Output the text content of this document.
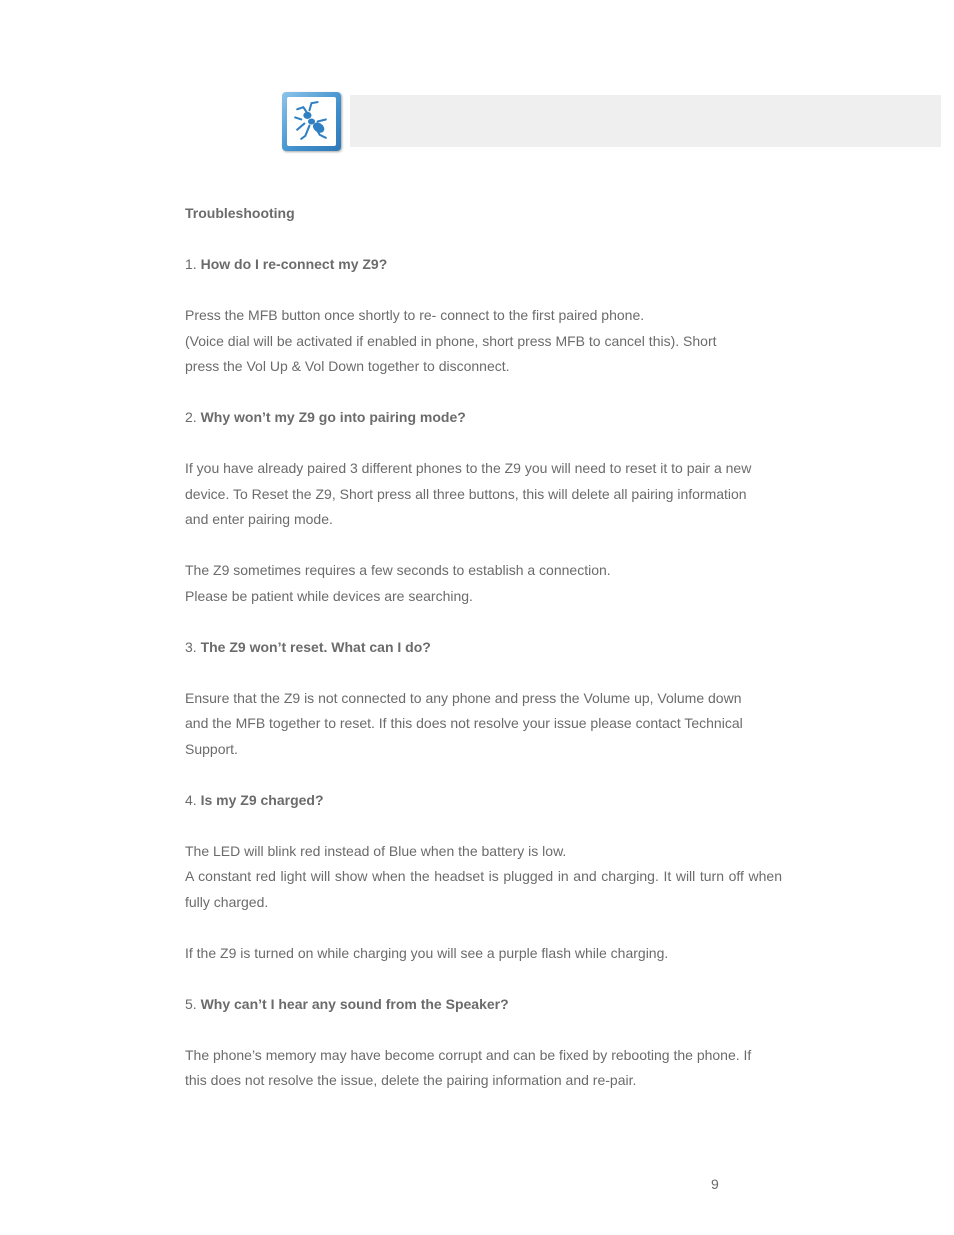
Troubleshooting

1. How do I re-connect my Z9?

Press the MFB button once shortly to re- connect to the first paired phone.
(Voice dial will be activated if enabled in phone, short press MFB to cancel this). Short
press the Vol Up & Vol Down together to disconnect.

2. Why won’t my Z9 go into pairing mode?

If you have already paired 3 different phones to the Z9 you will need to reset it to pair a new
device. To Reset the Z9, Short press all three buttons, this will delete all pairing information
and enter pairing mode.
The Z9 sometimes requires a few seconds to establish a connection.
Please be patient while devices are searching.

3. The Z9 won’t reset. What can I do?

Ensure that the Z9 is not connected to any phone and press the Volume up, Volume down
and the MFB together to reset. If this does not resolve your issue please contact Technical
Support.

4. Is my Z9 charged?

The LED will blink red instead of Blue when the battery is low.

A constant red light will show when the headset is plugged in and charging. It will turn off when fully charged.

If the Z9 is turned on while charging you will see a purple flash while charging.

5. Why can’t I hear any sound from the Speaker?

The phone’s memory may have become corrupt and can be fixed by rebooting the phone. If
this does not resolve the issue, delete the pairing information and re-pair.
9
